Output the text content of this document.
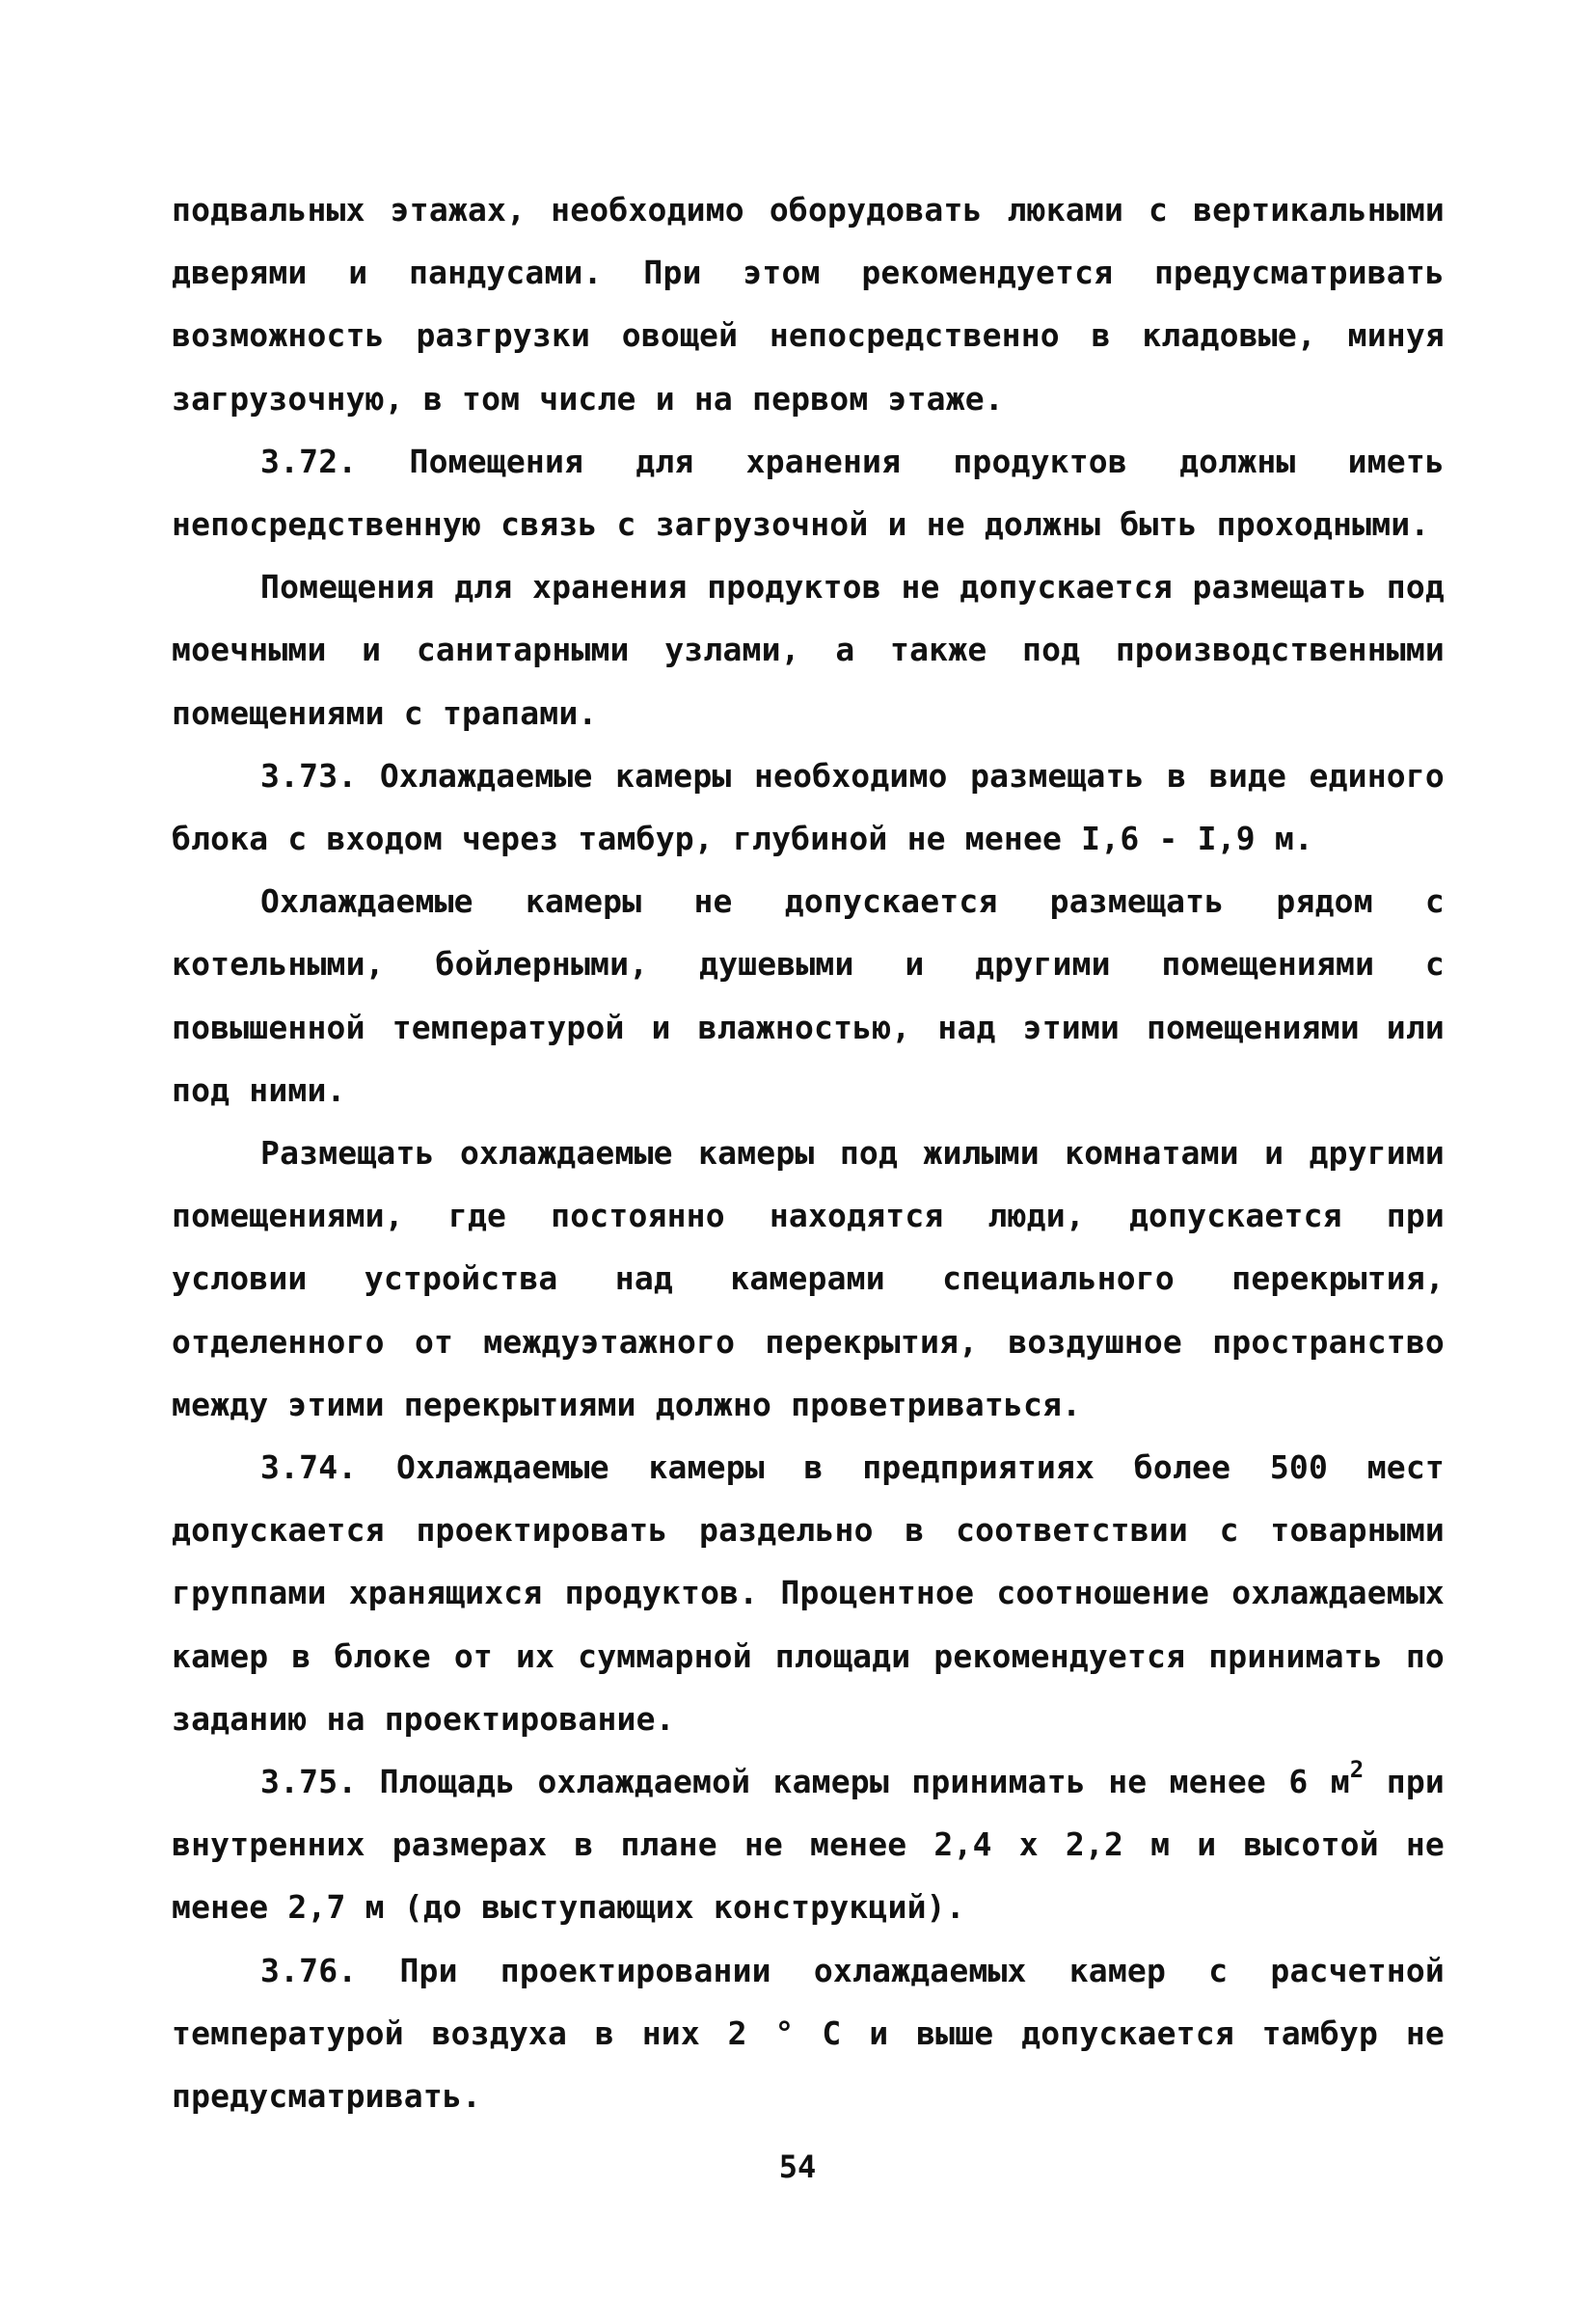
подвальных этажах, необходимо оборудовать люками с вертикальными дверями и пандусами. При этом рекомендуется предусматривать возможность разгрузки овощей непосредственно в кладовые, минуя загрузочную, в том числе и на первом этаже.

3.72. Помещения для хранения продуктов должны иметь непосредственную связь с загрузочной и не должны быть проходными.

Помещения для хранения продуктов не допускается размещать под моечными и санитарными узлами, а также под производственными помещениями с трапами.

3.73. Охлаждаемые камеры необходимо размещать в виде единого блока с входом через тамбур, глубиной не менее I,6 - I,9 м.

Охлаждаемые камеры не допускается размещать рядом с котельными, бойлерными, душевыми и другими помещениями с повышенной температурой и влажностью, над этими помещениями или под ними.

Размещать охлаждаемые камеры под жилыми комнатами и другими помещениями, где постоянно находятся люди, допускается при условии устройства над камерами специального перекрытия, отделенного от междуэтажного перекрытия, воздушное пространство между этими перекрытиями должно проветриваться.

3.74. Охлаждаемые камеры в предприятиях более 500 мест допускается проектировать раздельно в соответствии с товарными группами хранящихся продуктов. Процентное соотношение охлаждаемых камер в блоке от их суммарной площади рекомендуется принимать по заданию на проектирование.

3.75. Площадь охлаждаемой камеры принимать не менее 6 $м^2$ при внутренних размерах в плане не менее 2,4 х 2,2 м и высотой не менее 2,7 м (до выступающих конструкций).

3.76. При проектировании охлаждаемых камер с расчетной температурой воздуха в них 2 ° С и выше допускается тамбур не предусматривать.

54
